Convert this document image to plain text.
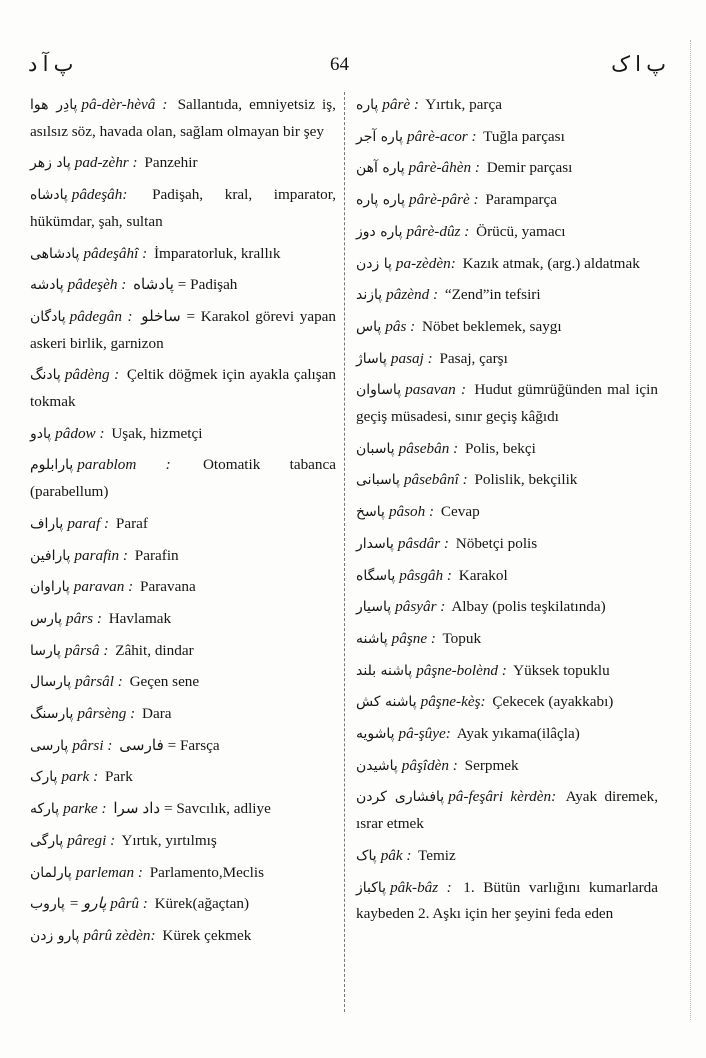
پ آ د	64	پ ا ک

پادِر هوا pâ-dèr-hèvâ : Sallantıda, emniyetsiz iş, asılsız söz, havada olan, sağlam olmayan bir şey

پاد زهر pad-zèhr : Panzehir

پادشاه pâdeşâh: Padişah, kral, imparator, hükümdar, şah, sultan

پادشاهی pâdeşâhî : İmparatorluk, krallık

پادشه pâdeşèh : پادشاه = Padişah

پادگان pâdegân : ساخلو = Karakol görevi yapan askeri birlik, garnizon

پادنگ pâdèng : Çeltik döğmek için ayakla çalışan tokmak

پادو pâdow : Uşak, hizmetçi

پارابلوم parablom : Otomatik tabanca (parabellum)

پاراف paraf : Paraf

پارافین parafin : Parafin

پاراوان paravan : Paravana

پارس pârs : Havlamak

پارسا pârsâ : Zâhit, dindar

پارسال pârsâl : Geçen sene

پارسنگ pârsèng : Dara

پارسی pârsi : فارسی = Farsça

پارک park : Park

پارکه parke : داد سرا = Savcılık, adliye

پارگی pâregi : Yırtık, yırtılmış

پارلمان parleman : Parlamento,Meclis

پاروب = پارو pârû : Kürek(ağaçtan)

پارو زدن pârû zèdèn: Kürek çekmek

پاره pârè : Yırtık, parça

پاره آجر pârè-acor : Tuğla parçası

پاره آهن pârè-âhèn : Demir parçası

پاره پاره pârè-pârè : Paramparça

پاره دوز pârè-dûz : Örücü, yamacı

پا زدن pa-zèdèn: Kazık atmak, (arg.) aldatmak

پازند pâzènd : “Zend”in tefsiri

پاس pâs : Nöbet beklemek, saygı

پاساژ pasaj : Pasaj, çarşı

پاساوان pasavan : Hudut gümrüğünden mal için geçiş müsadesi, sınır geçiş kâğıdı

پاسبان pâsebân : Polis, bekçi

پاسبانی pâsebânî : Polislik, bekçilik

پاسخ pâsoh : Cevap

پاسدار pâsdâr : Nöbetçi polis

پاسگاه pâsgâh : Karakol

پاسیار pâsyâr : Albay (polis teşkilatında)

پاشنه pâşne : Topuk

پاشنه بلند pâşne-bolènd : Yüksek topuklu

پاشنه کش pâşne-kèş: Çekecek (ayakkabı)

پاشویه pâ-şûye: Ayak yıkama(ilâçla)

پاشیدن pâşîdèn : Serpmek

پافشاری کردن pâ-feşâri kèrdèn: Ayak diremek, ısrar etmek

پاک pâk : Temiz

پاکباز pâk-bâz : 1. Bütün varlığını kumarlarda kaybeden 2. Aşkı için her şeyini feda eden
